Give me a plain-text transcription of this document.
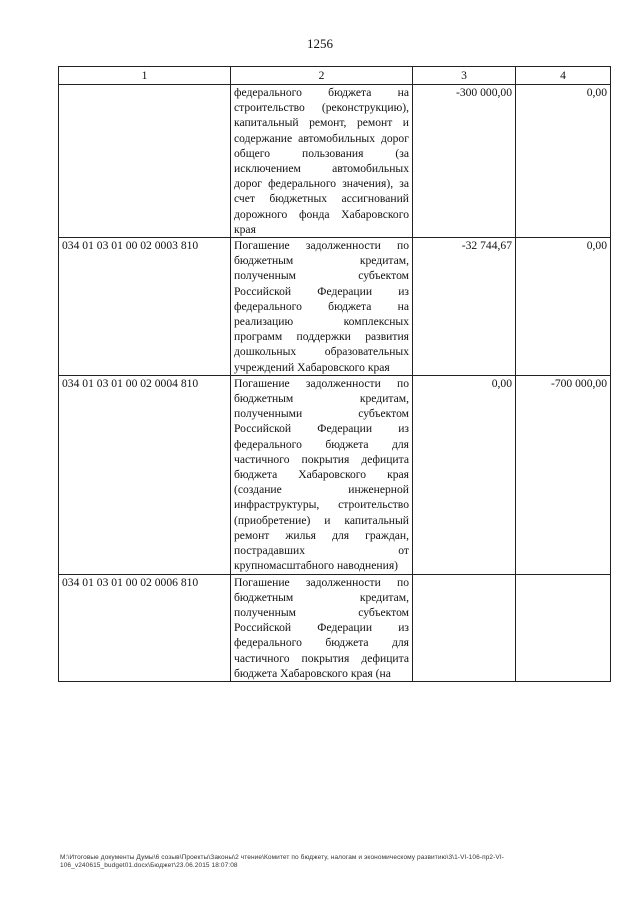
1256
1	2	3	4
	федерального бюджета на строительство (реконструкцию), капитальный ремонт, ремонт и содержание автомобильных дорог общего пользования (за исключением автомобильных дорог федерального значения), за счет бюджетных ассигнований дорожного фонда Хабаровского края	-300 000,00	0,00
034 01 03 01 00 02 0003 810	Погашение задолженности по бюджетным кредитам, полученным субъектом Российской Федерации из федерального бюджета на реализацию комплексных программ поддержки развития дошкольных образовательных учреждений Хабаровского края	-32 744,67	0,00
034 01 03 01 00 02 0004 810	Погашение задолженности по бюджетным кредитам, полученными субъектом Российской Федерации из федерального бюджета для частичного покрытия дефицита бюджета Хабаровского края (создание инженерной инфраструктуры, строительство (приобретение) и капитальный ремонт жилья для граждан, пострадавших от крупномасштабного наводнения)	0,00	-700 000,00
034 01 03 01 00 02 0006 810	Погашение задолженности по бюджетным кредитам, полученным субъектом Российской Федерации из федерального бюджета для частичного покрытия дефицита бюджета Хабаровского края (на		
M:\Итоговые документы Думы\6 созыв\Проекты\Законы\2 чтение\Комитет по бюджету, налогам и экономическому развитию\3\1-VI-106-пр2-VI-106_v240615_budget01.docx\Бюджет\23.06.2015 18:07:08
